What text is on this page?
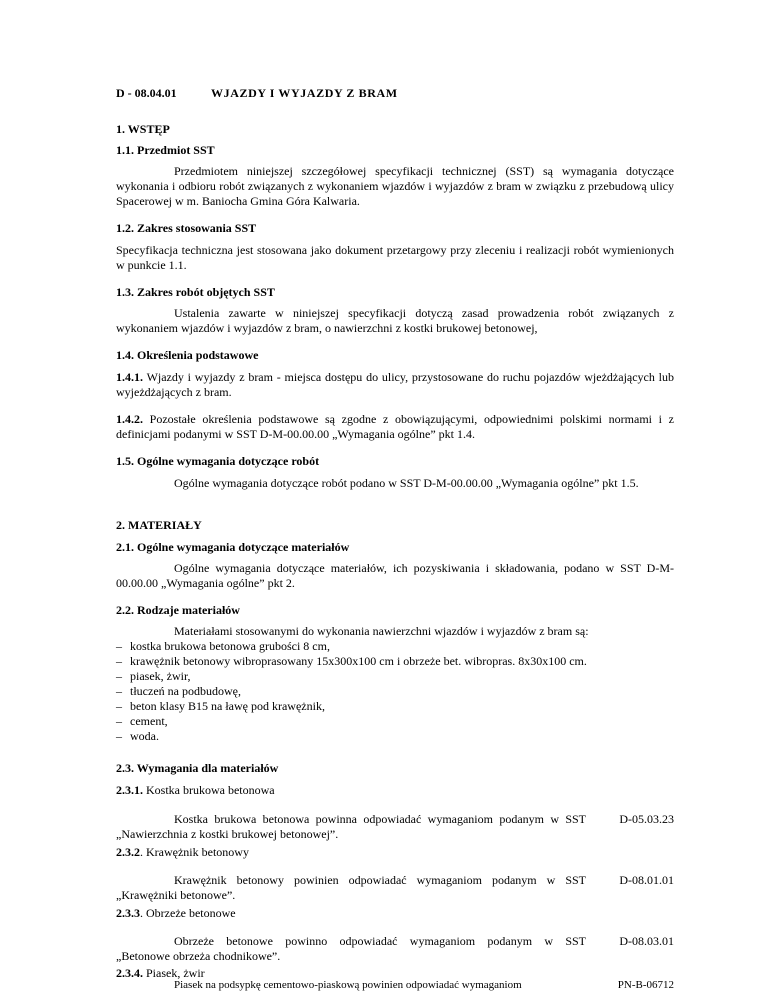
D - 08.04.01	WJAZDY I WYJAZDY Z BRAM
1. WSTĘP
1.1. Przedmiot SST
Przedmiotem niniejszej szczegółowej specyfikacji technicznej (SST) są wymagania dotyczące wykonania i odbioru robót związanych z wykonaniem wjazdów i wyjazdów z bram w związku z przebudową ulicy Spacerowej w m. Baniocha Gmina Góra Kalwaria.
1.2. Zakres stosowania SST
Specyfikacja techniczna jest stosowana jako dokument przetargowy przy zleceniu i realizacji robót wymienionych w punkcie 1.1.
1.3. Zakres robót objętych SST
Ustalenia zawarte w niniejszej specyfikacji dotyczą zasad prowadzenia robót związanych z wykonaniem wjazdów i wyjazdów z bram, o nawierzchni z kostki brukowej betonowej,
1.4. Określenia podstawowe
1.4.1. Wjazdy i wyjazdy z bram - miejsca dostępu do ulicy, przystosowane do ruchu pojazdów wjeżdżających lub wyjeżdżających z bram.
1.4.2. Pozostałe określenia podstawowe są zgodne z obowiązującymi, odpowiednimi polskimi normami i z definicjami podanymi w SST D-M-00.00.00 „Wymagania ogólne” pkt 1.4.
1.5. Ogólne wymagania dotyczące robót
Ogólne wymagania dotyczące robót podano w SST D-M-00.00.00 „Wymagania ogólne” pkt 1.5.
2. MATERIAŁY
2.1. Ogólne wymagania dotyczące materiałów
Ogólne wymagania dotyczące materiałów, ich pozyskiwania i składowania, podano w SST D-M-00.00.00 „Wymagania ogólne” pkt 2.
2.2. Rodzaje materiałów
Materiałami stosowanymi do wykonania nawierzchni wjazdów i wyjazdów z bram są:
– kostka brukowa betonowa grubości 8 cm,
– krawężnik betonowy wibroprasowany 15x300x100 cm i obrzeże bet. wibropras. 8x30x100 cm.
– piasek, żwir,
– tłuczeń na podbudowę,
– beton klasy B15 na ławę pod krawężnik,
– cement,
– woda.
2.3. Wymagania dla materiałów
2.3.1. Kostka brukowa betonowa
Kostka brukowa betonowa powinna odpowiadać wymaganiom podanym w SST
„Nawierzchnia z kostki brukowej betonowej”.
D-05.03.23
2.3.2. Krawężnik betonowy
Krawężnik betonowy powinien odpowiadać wymaganiom podanym w SST
„Krawężniki betonowe”.
D-08.01.01
2.3.3. Obrzeże betonowe
Obrzeże betonowe powinno odpowiadać wymaganiom podanym w SST
„Betonowe obrzeża chodnikowe”.
D-08.03.01
2.3.4. Piasek, żwir
Piasek na podsypkę cementowo-piaskową powinien odpowiadać wymaganiom	PN-B-06712
